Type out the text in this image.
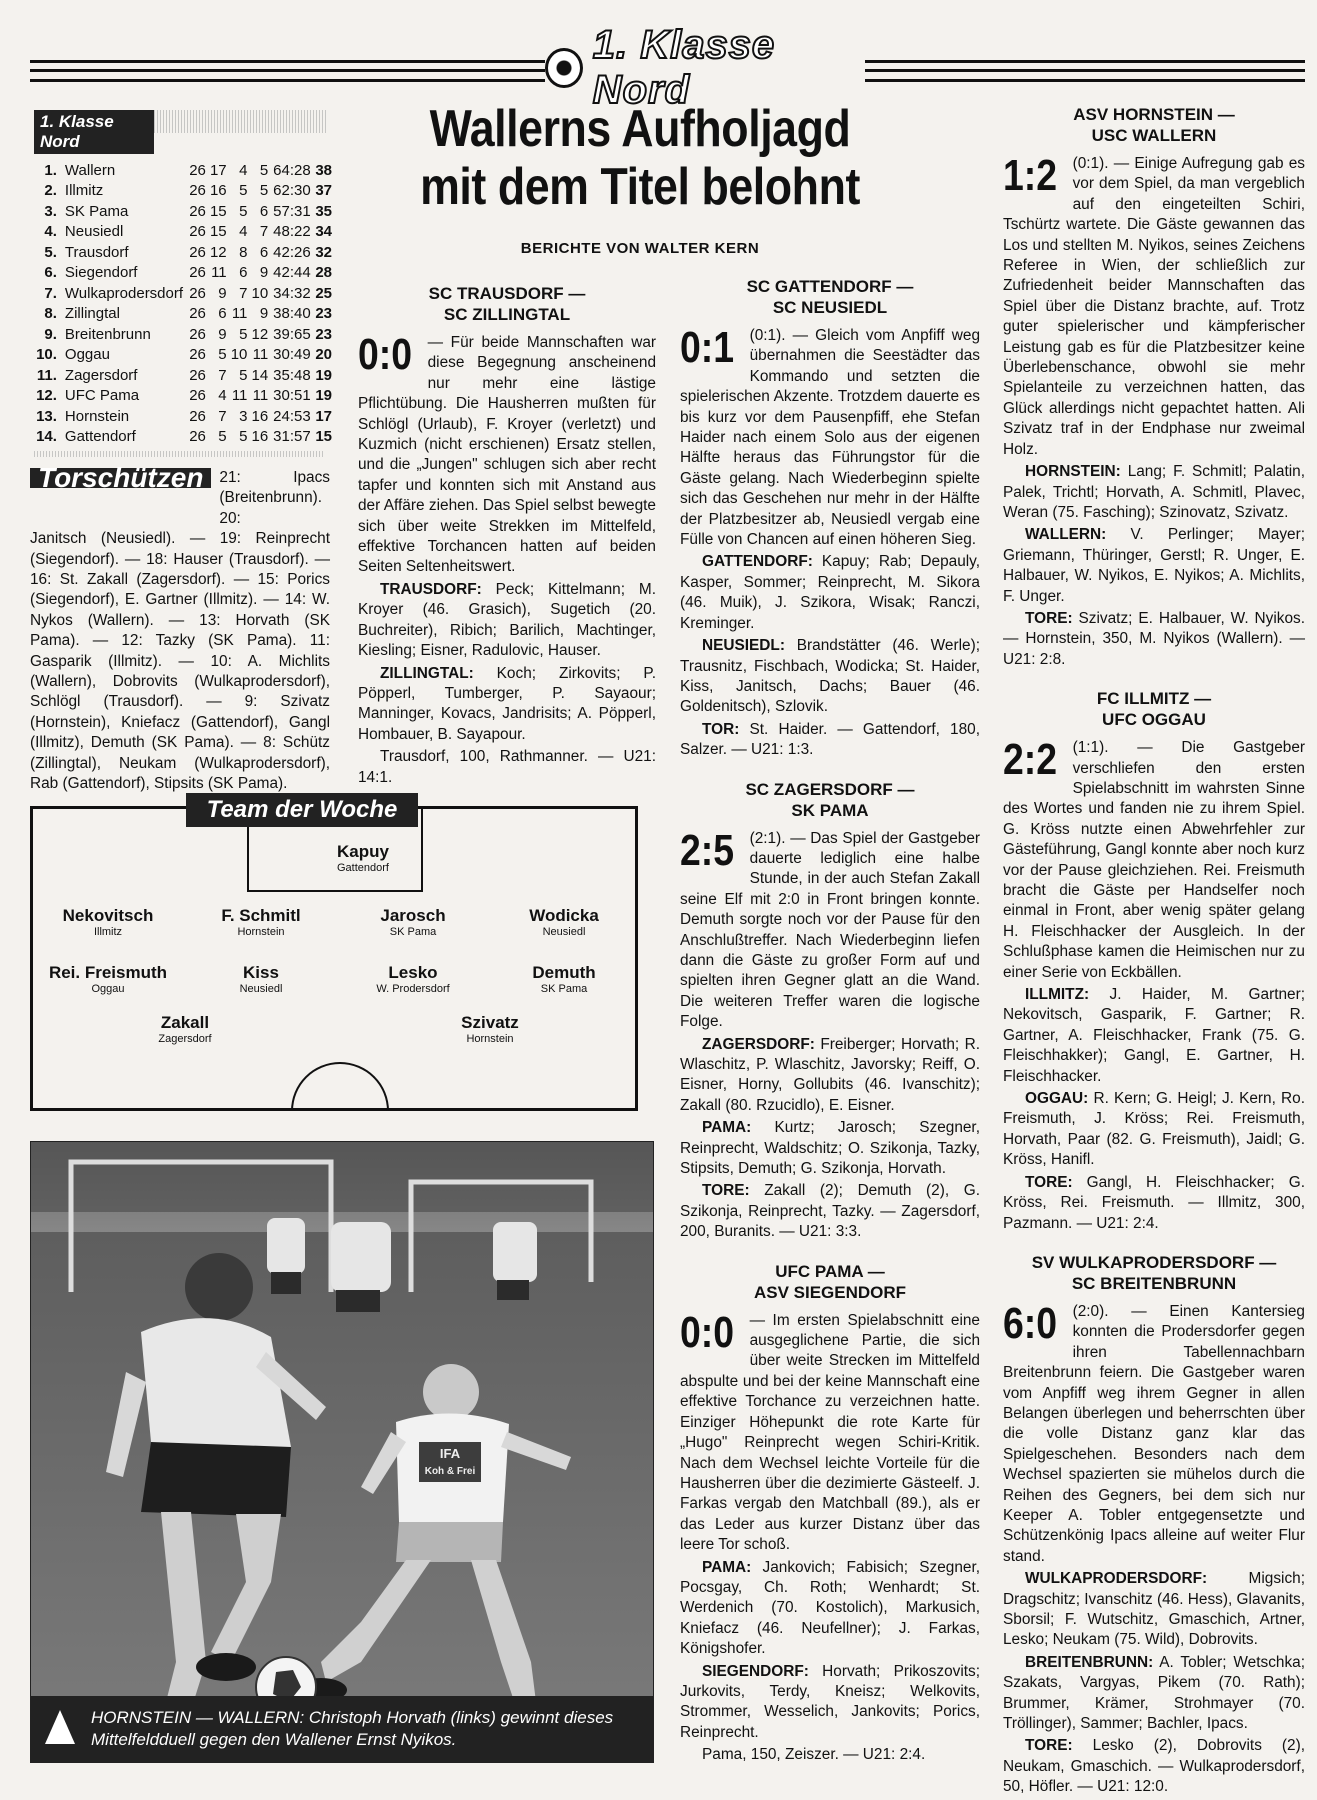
1. Klasse Nord
1. Klasse Nord
1.	Wallern	26	17	4	5	64:28	38
2.	Illmitz	26	16	5	5	62:30	37
3.	SK Pama	26	15	5	6	57:31	35
4.	Neusiedl	26	15	4	7	48:22	34
5.	Trausdorf	26	12	8	6	42:26	32
6.	Siegendorf	26	11	6	9	42:44	28
7.	Wulkaprodersdorf	26	9	7	10	34:32	25
8.	Zillingtal	26	6	11	9	38:40	23
9.	Breitenbrunn	26	9	5	12	39:65	23
10.	Oggau	26	5	10	11	30:49	20
11.	Zagersdorf	26	7	5	14	35:48	19
12.	UFC Pama	26	4	11	11	30:51	19
13.	Hornstein	26	7	3	16	24:53	17
14.	Gattendorf	26	5	5	16	31:57	15
Torschützen	21: Ipacs (Breitenbrunn). 20:
Janitsch (Neusiedl). — 19: Reinprecht (Siegendorf). — 18: Hauser (Trausdorf). — 16: St. Zakall (Zagersdorf). — 15: Porics (Siegendorf), E. Gartner (Illmitz). — 14: W. Nykos (Wallern). — 13: Horvath (SK Pama). — 12: Tazky (SK Pama). 11: Gasparik (Illmitz). — 10: A. Michlits (Wallern), Dobrovits (Wulkaprodersdorf), Schlögl (Trausdorf). — 9: Szivatz (Hornstein), Kniefacz (Gattendorf), Gangl (Illmitz), Demuth (SK Pama). — 8: Schütz (Zillingtal), Neukam (Wulkaprodersdorf), Rab (Gattendorf), Stipsits (SK Pama).
Team der Woche
Kapuy
Gattendorf
Nekovitsch
Illmitz
F. Schmitl
Hornstein
Jarosch
SK Pama
Wodicka
Neusiedl
Rei. Freismuth
Oggau
Kiss
Neusiedl
Lesko
W. Prodersdorf
Demuth
SK Pama
Zakall
Zagersdorf
Szivatz
Hornstein
IFA
Koh & Frei
HORNSTEIN — WALLERN: Christoph Horvath (links) gewinnt dieses Mittelfeldduell gegen den Wallener Ernst Nyikos.
Wallerns Aufholjagd
mit dem Titel belohnt
BERICHTE VON WALTER KERN
SC TRAUSDORF —
SC ZILLINGTAL

0:0 — Für beide Mannschaften war diese Begegnung anscheinend nur mehr eine lästige Pflichtübung. Die Hausherren mußten für Schlögl (Urlaub), F. Kroyer (verletzt) und Kuzmich (nicht erschienen) Ersatz stellen, und die „Jungen" schlugen sich aber recht tapfer und konnten sich mit Anstand aus der Affäre ziehen. Das Spiel selbst bewegte sich über weite Strekken im Mittelfeld, effektive Torchancen hatten auf beiden Seiten Seltenheitswert.

TRAUSDORF: Peck; Kittelmann; M. Kroyer (46. Grasich), Sugetich (20. Buchreiter), Ribich; Barilich, Machtinger, Kiesling; Eisner, Radulovic, Hauser.

ZILLINGTAL: Koch; Zirkovits; P. Pöpperl, Tumberger, P. Sayaour; Manninger, Kovacs, Jandrisits; A. Pöpperl, Hombauer, B. Sayapour.

Trausdorf, 100, Rathmanner. — U21: 14:1.

SC GATTENDORF —
SC NEUSIEDL

0:1 (0:1). — Gleich vom Anpfiff weg übernahmen die Seestädter das Kommando und setzten die spielerischen Akzente. Trotzdem dauerte es bis kurz vor dem Pausenpfiff, ehe Stefan Haider nach einem Solo aus der eigenen Hälfte heraus das Führungstor für die Gäste gelang. Nach Wiederbeginn spielte sich das Geschehen nur mehr in der Hälfte der Platzbesitzer ab, Neusiedl vergab eine Fülle von Chancen auf einen höheren Sieg.

GATTENDORF: Kapuy; Rab; Depauly, Kasper, Sommer; Reinprecht, M. Sikora (46. Muik), J. Szikora, Wisak; Ranczi, Kreminger.

NEUSIEDL: Brandstätter (46. Werle); Trausnitz, Fischbach, Wodicka; St. Haider, Kiss, Janitsch, Dachs; Bauer (46. Goldenitsch), Szlovik.

TOR: St. Haider. — Gattendorf, 180, Salzer. — U21: 1:3.

SC ZAGERSDORF —
SK PAMA

2:5 (2:1). — Das Spiel der Gastgeber dauerte lediglich eine halbe Stunde, in der auch Stefan Zakall seine Elf mit 2:0 in Front bringen konnte. Demuth sorgte noch vor der Pause für den Anschlußtreffer. Nach Wiederbeginn liefen dann die Gäste zu großer Form auf und spielten ihren Gegner glatt an die Wand. Die weiteren Treffer waren die logische Folge.

ZAGERSDORF: Freiberger; Horvath; R. Wlaschitz, P. Wlaschitz, Javorsky; Reiff, O. Eisner, Horny, Gollubits (46. Ivanschitz); Zakall (80. Rzucidlo), E. Eisner.

PAMA: Kurtz; Jarosch; Szegner, Reinprecht, Waldschitz; O. Szikonja, Tazky, Stipsits, Demuth; G. Szikonja, Horvath.

TORE: Zakall (2); Demuth (2), G. Szikonja, Reinprecht, Tazky. — Zagersdorf, 200, Buranits. — U21: 3:3.

UFC PAMA —
ASV SIEGENDORF

0:0 — Im ersten Spielabschnitt eine ausgeglichene Partie, die sich über weite Strecken im Mittelfeld abspulte und bei der keine Mannschaft eine effektive Torchance zu verzeichnen hatte. Einziger Höhepunkt die rote Karte für „Hugo" Reinprecht wegen Schiri-Kritik. Nach dem Wechsel leichte Vorteile für die Hausherren über die dezimierte Gästeelf. J. Farkas vergab den Matchball (89.), als er das Leder aus kurzer Distanz über das leere Tor schoß.

PAMA: Jankovich; Fabisich; Szegner, Pocsgay, Ch. Roth; Wenhardt; St. Werdenich (70. Kostolich), Markusich, Kniefacz (46. Neufellner); J. Farkas, Königshofer.

SIEGENDORF: Horvath; Prikoszovits; Jurkovits, Terdy, Kneisz; Welkovits, Strommer, Wesselich, Jankovits; Porics, Reinprecht.

Pama, 150, Zeiszer. — U21: 2:4.

ASV HORNSTEIN —
USC WALLERN

1:2 (0:1). — Einige Aufregung gab es vor dem Spiel, da man vergeblich auf den eingeteilten Schiri, Tschürtz wartete. Die Gäste gewannen das Los und stellten M. Nyikos, seines Zeichens Referee in Wien, der schließlich zur Zufriedenheit beider Mannschaften das Spiel über die Distanz brachte, auf. Trotz guter spielerischer und kämpferischer Leistung gab es für die Platzbesitzer keine Überlebenschance, obwohl sie mehr Spielanteile zu verzeichnen hatten, das Glück allerdings nicht gepachtet hatten. Ali Szivatz traf in der Endphase nur zweimal Holz.

HORNSTEIN: Lang; F. Schmitl; Palatin, Palek, Trichtl; Horvath, A. Schmitl, Plavec, Weran (75. Fasching); Szinovatz, Szivatz.

WALLERN: V. Perlinger; Mayer; Griemann, Thüringer, Gerstl; R. Unger, E. Halbauer, W. Nyikos, E. Nyikos; A. Michlits, F. Unger.

TORE: Szivatz; E. Halbauer, W. Nyikos. — Hornstein, 350, M. Nyikos (Wallern). — U21: 2:8.

FC ILLMITZ —
UFC OGGAU

2:2 (1:1). — Die Gastgeber verschliefen den ersten Spielabschnitt im wahrsten Sinne des Wortes und fanden nie zu ihrem Spiel. G. Kröss nutzte einen Abwehrfehler zur Gästeführung, Gangl konnte aber noch kurz vor der Pause gleichziehen. Rei. Freismuth bracht die Gäste per Handselfer noch einmal in Front, aber wenig später gelang H. Fleischhacker der Ausgleich. In der Schlußphase kamen die Heimischen nur zu einer Serie von Eckbällen.

ILLMITZ: J. Haider, M. Gartner; Nekovitsch, Gasparik, F. Gartner; R. Gartner, A. Fleischhacker, Frank (75. G. Fleischhakker); Gangl, E. Gartner, H. Fleischhacker.

OGGAU: R. Kern; G. Heigl; J. Kern, Ro. Freismuth, J. Kröss; Rei. Freismuth, Horvath, Paar (82. G. Freismuth), Jaidl; G. Kröss, Hanifl.

TORE: Gangl, H. Fleischhacker; G. Kröss, Rei. Freismuth. — Illmitz, 300, Pazmann. — U21: 2:4.

SV WULKAPRODERSDORF —
SC BREITENBRUNN

6:0 (2:0). — Einen Kantersieg konnten die Prodersdorfer gegen ihren Tabellennachbarn Breitenbrunn feiern. Die Gastgeber waren vom Anpfiff weg ihrem Gegner in allen Belangen überlegen und beherrschten über die volle Distanz ganz klar das Spielgeschehen. Besonders nach dem Wechsel spazierten sie mühelos durch die Reihen des Gegners, bei dem sich nur Keeper A. Tobler entgegensetzte und Schützenkönig Ipacs alleine auf weiter Flur stand.

WULKAPRODERSDORF:	Migsich; Dragschitz; Ivanschitz (46. Hess), Glavanits, Sborsil; F. Wutschitz, Gmaschich, Artner, Lesko; Neukam (75. Wild), Dobrovits.

BREITENBRUNN: A. Tobler; Wetschka; Szakats, Vargyas, Pikem (70. Rath); Brummer, Krämer, Strohmayer (70. Tröllinger), Sammer; Bachler, Ipacs.

TORE: Lesko (2), Dobrovits (2), Neukam, Gmaschich. — Wulkaprodersdorf, 50, Höfler. — U21: 12:0.
